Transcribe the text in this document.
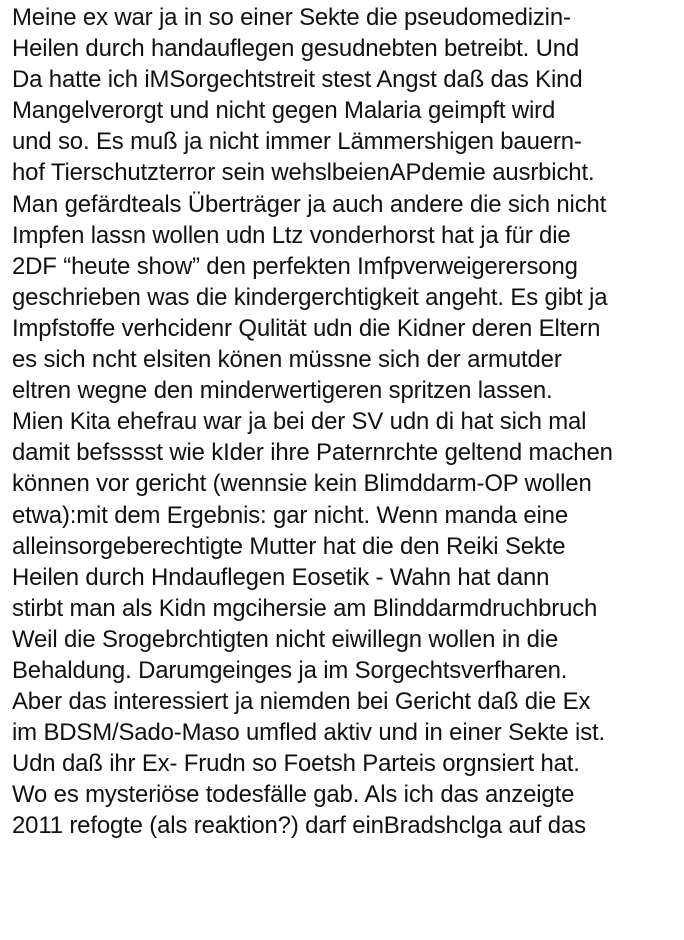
Meine ex war ja in so einer Sekte die pseudomedizin-
Heilen durch handauflegen gesudnebten betreibt. Und
Da hatte ich iMSorgechtstreit stest Angst daß das Kind
Mangelverorgt und nicht gegen Malaria geimpft wird
und so. Es muß ja nicht immer Lämmershigen bauern-
hof Tierschutzterror sein wehslbeienAPdemie ausrbicht.
Man gefärdteals Überträger ja auch andere die sich nicht
Impfen lassn wollen udn Ltz vonderhorst hat ja für die
2DF “heute show” den perfekten Imfpverweigerersong
geschrieben was die kindergerchtigkeit angeht. Es gibt ja
Impfstoffe verhcidenr Qulität udn die Kidner deren Eltern
es sich ncht elsiten könen müssne sich der armutder
eltren wegne den minderwertigeren spritzen lassen.
Mien Kita ehefrau war ja bei der SV udn di hat sich mal
damit befsssst wie kIder ihre Paternrchte geltend machen
können vor gericht (wennsie kein Blimddarm-OP wollen
etwa):mit dem Ergebnis: gar nicht. Wenn manda eine
alleinsorgeberechtigte Mutter hat die den Reiki Sekte
Heilen durch Hndauflegen Eosetik - Wahn hat dann
stirbt man als Kidn mgcihersie am Blinddarmdruchbruch
Weil die Srogebrchtigten nicht eiwillegn wollen in die
Behaldung. Darumgeinges ja im Sorgechtsverfharen.
Aber das interessiert ja niemden bei Gericht daß die Ex
im BDSM/Sado-Maso umfled aktiv und in einer Sekte ist.
Udn daß ihr Ex- Frudn so Foetsh Parteis orgnsiert hat.
Wo es mysteriöse todesfälle gab. Als ich das anzeigte
2011 refogte (als reaktion?) darf einBradshclga auf das
